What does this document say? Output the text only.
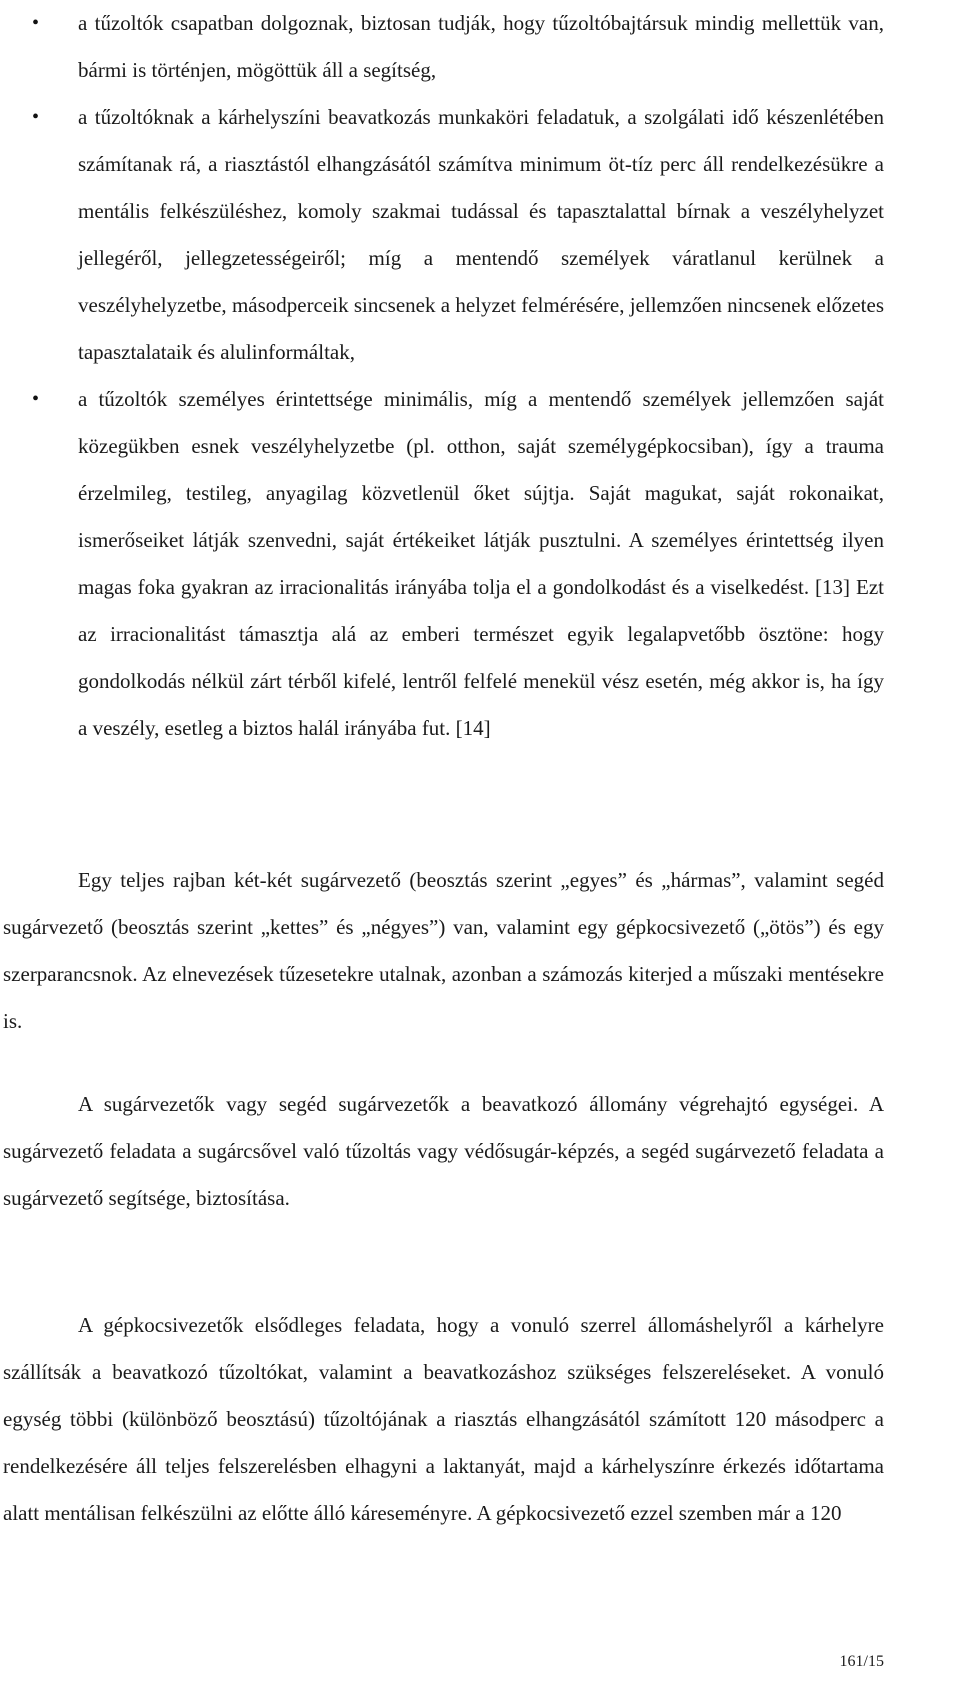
• a tűzoltók csapatban dolgoznak, biztosan tudják, hogy tűzoltóbajtársuk mindig mellettük van, bármi is történjen, mögöttük áll a segítség,
• a tűzoltóknak a kárhelyszíni beavatkozás munkaköri feladatuk, a szolgálati idő készenlétében számítanak rá, a riasztástól elhangzásától számítva minimum öt-tíz perc áll rendelkezésükre a mentális felkészüléshez, komoly szakmai tudással és tapasztalattal bírnak a veszélyhelyzet jellegéről, jellegzetességeiről; míg a mentendő személyek váratlanul kerülnek a veszélyhelyzetbe, másodperceik sincsenek a helyzet felmérésére, jellemzően nincsenek előzetes tapasztalataik és alulinformáltak,
• a tűzoltók személyes érintettsége minimális, míg a mentendő személyek jellemzően saját közegükben esnek veszélyhelyzetbe (pl. otthon, saját személygépkocsiban), így a trauma érzelmileg, testileg, anyagilag közvetlenül őket sújtja. Saját magukat, saját rokonaikat, ismerőseiket látják szenvedni, saját értékeiket látják pusztulni. A személyes érintettség ilyen magas foka gyakran az irracionalitás irányába tolja el a gondolkodást és a viselkedést. [13] Ezt az irracionalitást támasztja alá az emberi természet egyik legalapvetőbb ösztöne: hogy gondolkodás nélkül zárt térből kifelé, lentről felfelé menekül vész esetén, még akkor is, ha így a veszély, esetleg a biztos halál irányába fut. [14]

Egy teljes rajban két-két sugárvezető (beosztás szerint „egyes” és „hármas”, valamint segéd sugárvezető (beosztás szerint „kettes” és „négyes”) van, valamint egy gépkocsivezető („ötös”) és egy szerparancsnok. Az elnevezések tűzesetekre utalnak, azonban a számozás kiterjed a műszaki mentésekre is.

A sugárvezetők vagy segéd sugárvezetők a beavatkozó állomány végrehajtó egységei. A sugárvezető feladata a sugárcsővel való tűzoltás vagy védősugár-képzés, a segéd sugárvezető feladata a sugárvezető segítsége, biztosítása.

A gépkocsivezetők elsődleges feladata, hogy a vonuló szerrel állomáshelyről a kárhelyre szállítsák a beavatkozó tűzoltókat, valamint a beavatkozáshoz szükséges felszereléseket. A vonuló egység többi (különböző beosztású) tűzoltójának a riasztás elhangzásától számított 120 másodperc a rendelkezésére áll teljes felszerelésben elhagyni a laktanyát, majd a kárhelyszínre érkezés időtartama alatt mentálisan felkészülni az előtte álló káreseményre. A gépkocsivezető ezzel szemben már a 120

161/15
